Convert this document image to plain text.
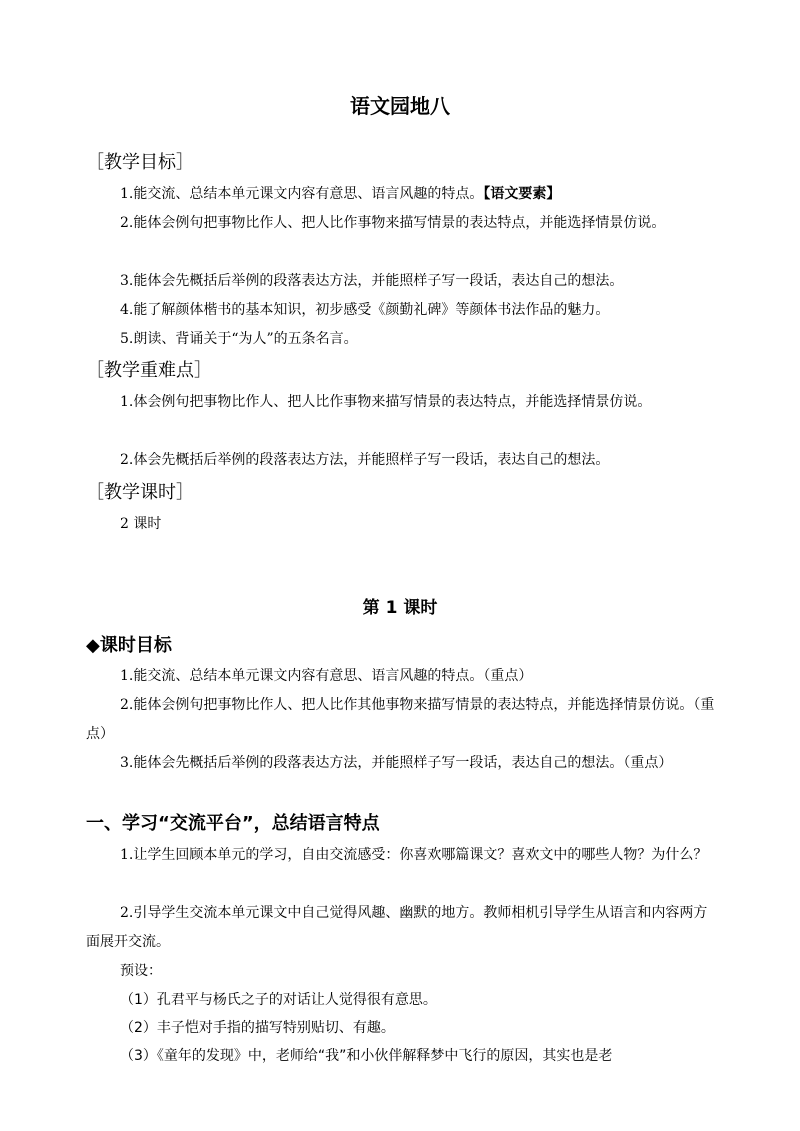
语文园地八
［教学目标］

1.能交流、总结本单元课文内容有意思、语言风趣的特点。【语文要素】

2.能体会例句把事物比作人、把人比作事物来描写情景的表达特点，并能选择情景仿说。

3.能体会先概括后举例的段落表达方法，并能照样子写一段话，表达自己的想法。

4.能了解颜体楷书的基本知识，初步感受《颜勤礼碑》等颜体书法作品的魅力。

5.朗读、背诵关于“为人”的五条名言。

［教学重难点］

1.体会例句把事物比作人、把人比作事物来描写情景的表达特点，并能选择情景仿说。

2.体会先概括后举例的段落表达方法，并能照样子写一段话，表达自己的想法。

［教学课时］

2 课时

第 1 课时
◆课时目标

1.能交流、总结本单元课文内容有意思、语言风趣的特点。（重点）

2.能体会例句把事物比作人、把人比作其他事物来描写情景的表达特点，并能选择情景仿说。（重点）

3.能体会先概括后举例的段落表达方法，并能照样子写一段话，表达自己的想法。（重点）

一、学习“交流平台”，总结语言特点

1.让学生回顾本单元的学习，自由交流感受：你喜欢哪篇课文？喜欢文中的哪些人物？为什么？

2.引导学生交流本单元课文中自己觉得风趣、幽默的地方。教师相机引导学生从语言和内容两方面展开交流。

预设：

（1）孔君平与杨氏之子的对话让人觉得很有意思。
（2）丰子恺对手指的描写特别贴切、有趣。
（3）《童年的发现》中，老师给“我”和小伙伴解释梦中飞行的原因，其实也是老
